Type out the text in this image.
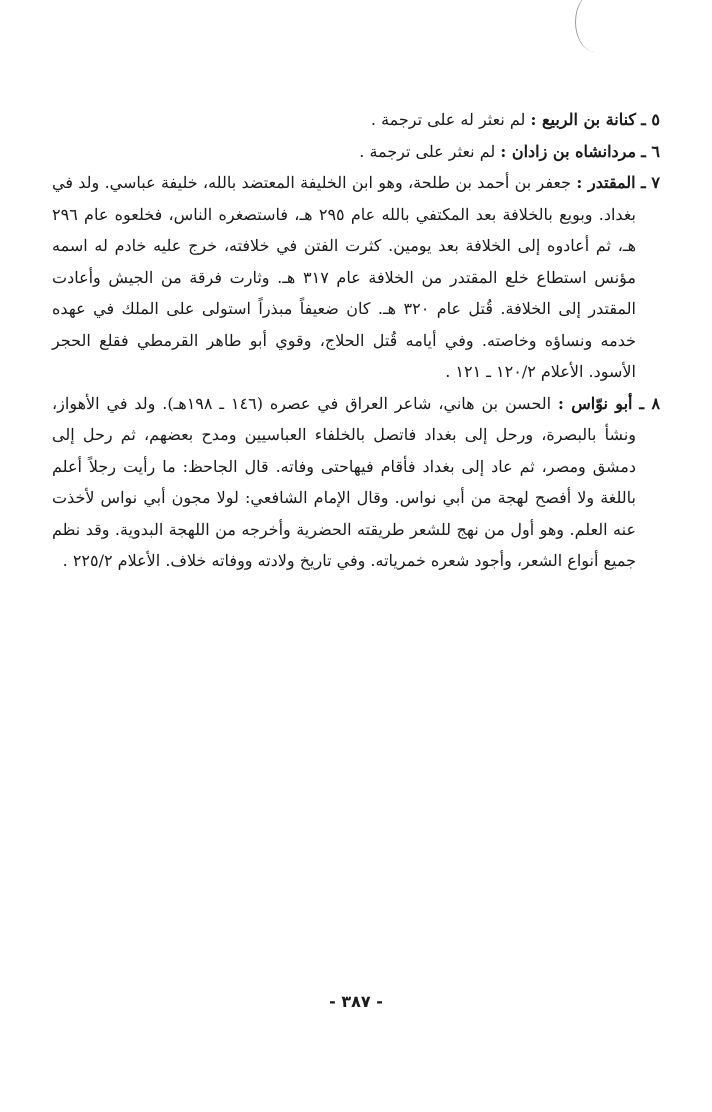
٥ ـ كنانة بن الربيع : لم نعثر له على ترجمة .

٦ ـ مردانشاه بن زادان : لم نعثر على ترجمة .

٧ ـ المقتدر : جعفر بن أحمد بن طلحة، وهو ابن الخليفة المعتضد بالله، خليفة عباسي. ولد في بغداد. وبويع بالخلافة بعد المكتفي بالله عام ٢٩٥ هـ، فاستصغره الناس، فخلعوه عام ٢٩٦ هـ، ثم أعادوه إلى الخلافة بعد يومين. كثرت الفتن في خلافته، خرج عليه خادم له اسمه مؤنس استطاع خلع المقتدر من الخلافة عام ٣١٧ هـ. وثارت فرقة من الجيش وأعادت المقتدر إلى الخلافة. قُتل عام ٣٢٠ هـ. كان ضعيفاً مبذراً استولى على الملك في عهده خدمه ونساؤه وخاصته. وفي أيامه قُتل الحلاج، وقوي أبو طاهر القرمطي فقلع الحجر الأسود. الأعلام ١٢٠/٢ ـ ١٢١ .

٨ ـ أبو نوّاس : الحسن بن هاني، شاعر العراق في عصره (١٤٦ ـ ١٩٨هـ). ولد في الأهواز، ونشأ بالبصرة، ورحل إلى بغداد فاتصل بالخلفاء العباسيين ومدح بعضهم، ثم رحل إلى دمشق ومصر، ثم عاد إلى بغداد فأقام فيهاحتى وفاته. قال الجاحظ: ما رأيت رجلاً أعلم باللغة ولا أفصح لهجة من أبي نواس. وقال الإمام الشافعي: لولا مجون أبي نواس لأخذت عنه العلم. وهو أول من نهج للشعر طريقته الحضرية وأخرجه من اللهجة البدوية. وقد نظم جميع أنواع الشعر، وأجود شعره خمرياته. وفي تاريخ ولادته ووفاته خلاف. الأعلام ٢٢٥/٢ .

- ٣٨٧ -
